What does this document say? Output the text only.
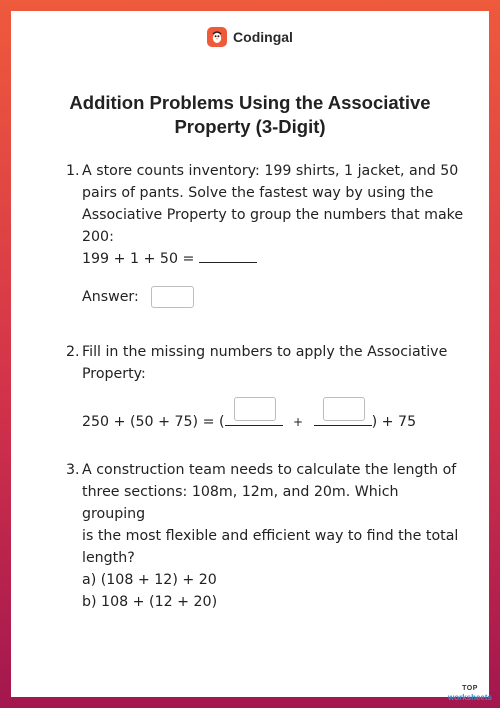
Codingal
Addition Problems Using the Associative
Property (3-Digit)
1. A store counts inventory: 199 shirts, 1 jacket, and 50
pairs of pants. Solve the fastest way by using the
Associative Property to group the numbers that make
200:
199 + 1 + 50 =
Answer:
2. Fill in the missing numbers to apply the Associative
Property:
250 + (50 + 75) = (	+	) + 75
3. A construction team needs to calculate the length of
three sections: 108m, 12m, and 20m. Which grouping
is the most flexible and efficient way to find the total
length?
a) (108 + 12) + 20
b) 108 + (12 + 20)
TOP
worksheets
